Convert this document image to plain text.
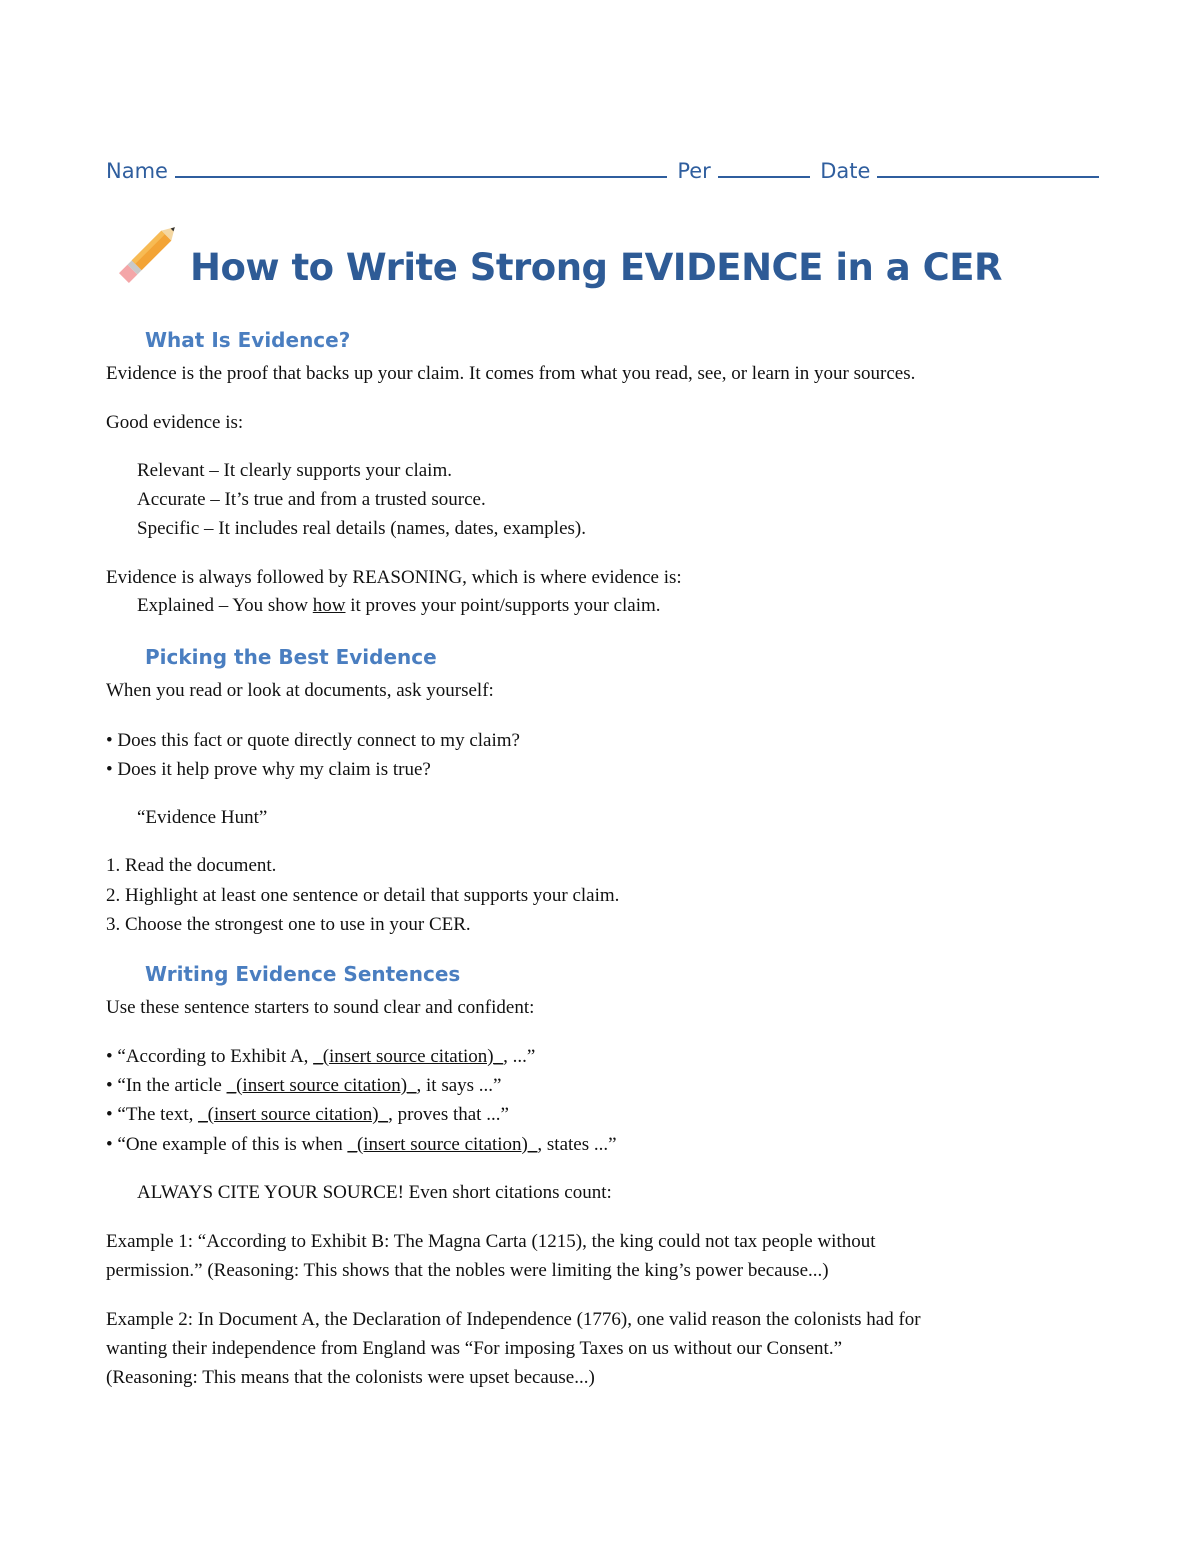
Name	Per	Date
How to Write Strong EVIDENCE in a CER
What Is Evidence?
Evidence is the proof that backs up your claim. It comes from what you read, see, or learn in your sources.
Good evidence is:
Relevant – It clearly supports your claim.
Accurate – It’s true and from a trusted source.
Specific – It includes real details (names, dates, examples).
Evidence is always followed by REASONING, which is where evidence is:
Explained – You show how it proves your point/supports your claim.
Picking the Best Evidence
When you read or look at documents, ask yourself:
• Does this fact or quote directly connect to my claim?
• Does it help prove why my claim is true?
“Evidence Hunt”
1. Read the document.
2. Highlight at least one sentence or detail that supports your claim.
3. Choose the strongest one to use in your CER.
Writing Evidence Sentences
Use these sentence starters to sound clear and confident:
• “According to Exhibit A, _(insert source citation)_, ...”
• “In the article _(insert source citation)_, it says ...”
• “The text, _(insert source citation)_, proves that ...”
• “One example of this is when _(insert source citation)_, states ...”
ALWAYS CITE YOUR SOURCE! Even short citations count:
Example 1: “According to Exhibit B: The Magna Carta (1215), the king could not tax people without
permission.” (Reasoning: This shows that the nobles were limiting the king’s power because...)
Example 2: In Document A, the Declaration of Independence (1776), one valid reason the colonists had for
wanting their independence from England was “For imposing Taxes on us without our Consent.”
(Reasoning: This means that the colonists were upset because...)
